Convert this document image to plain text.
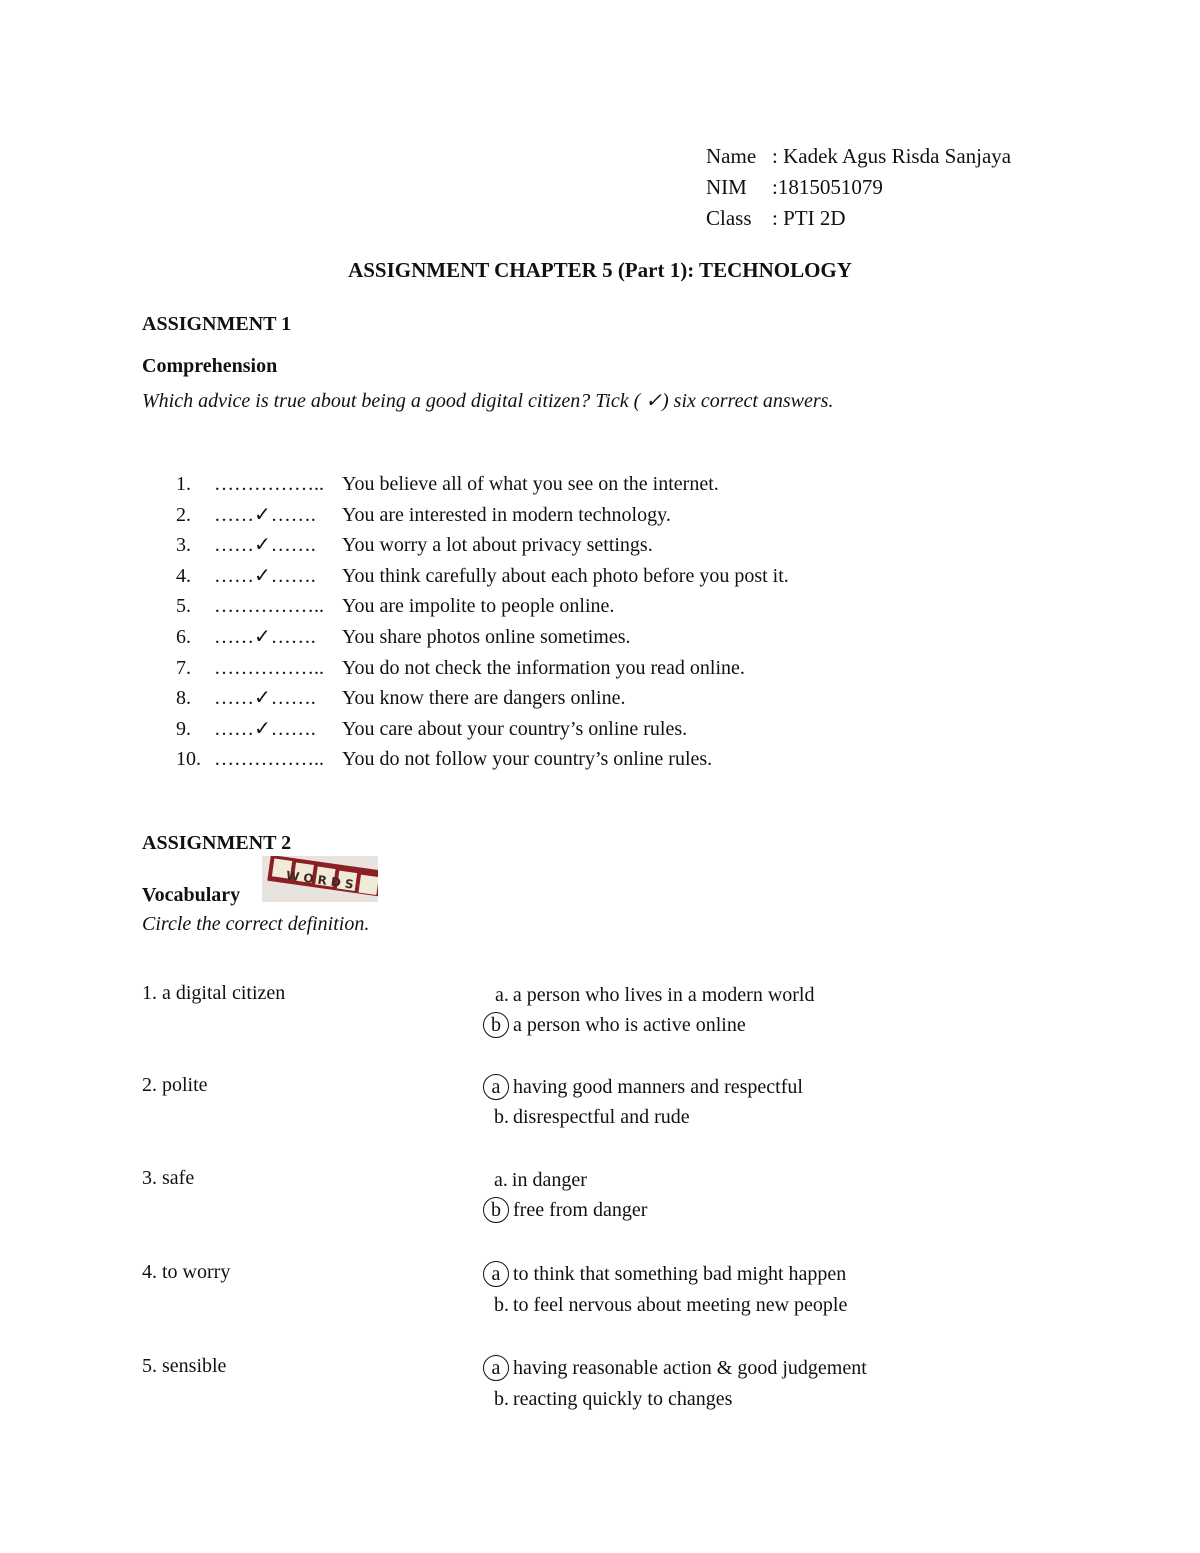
Name : Kadek Agus Risda Sanjaya
NIM	:1815051079
Class : PTI 2D
ASSIGNMENT CHAPTER 5 (Part 1): TECHNOLOGY
ASSIGNMENT 1
Comprehension
Which advice is true about being a good digital citizen? Tick ( ✓) six correct answers.
1.	…………….. You believe all of what you see on the internet.
2.	……✓…….	You are interested in modern technology.
3.	……✓…….	You worry a lot about privacy settings.
4.	……✓…….	You think carefully about each photo before you post it.
5.	…………….. You are impolite to people online.
6.	……✓…….	You share photos online sometimes.
7.	…………….. You do not check the information you read online.
8.	……✓…….	You know there are dangers online.
9.	……✓…….	You care about your country’s online rules.
10. …………….. You do not follow your country’s online rules.
ASSIGNMENT 2
Vocabulary
W O R D S
Circle the correct definition.
1. a digital citizen	a. a person who lives in a modern world
b a person who is active online
2. polite	a having good manners and respectful
b. disrespectful and rude
3. safe	a. in danger
b free from danger
4. to worry	a to think that something bad might happen
b. to feel nervous about meeting new people
5. sensible	a having reasonable action & good judgement
b. reacting quickly to changes
